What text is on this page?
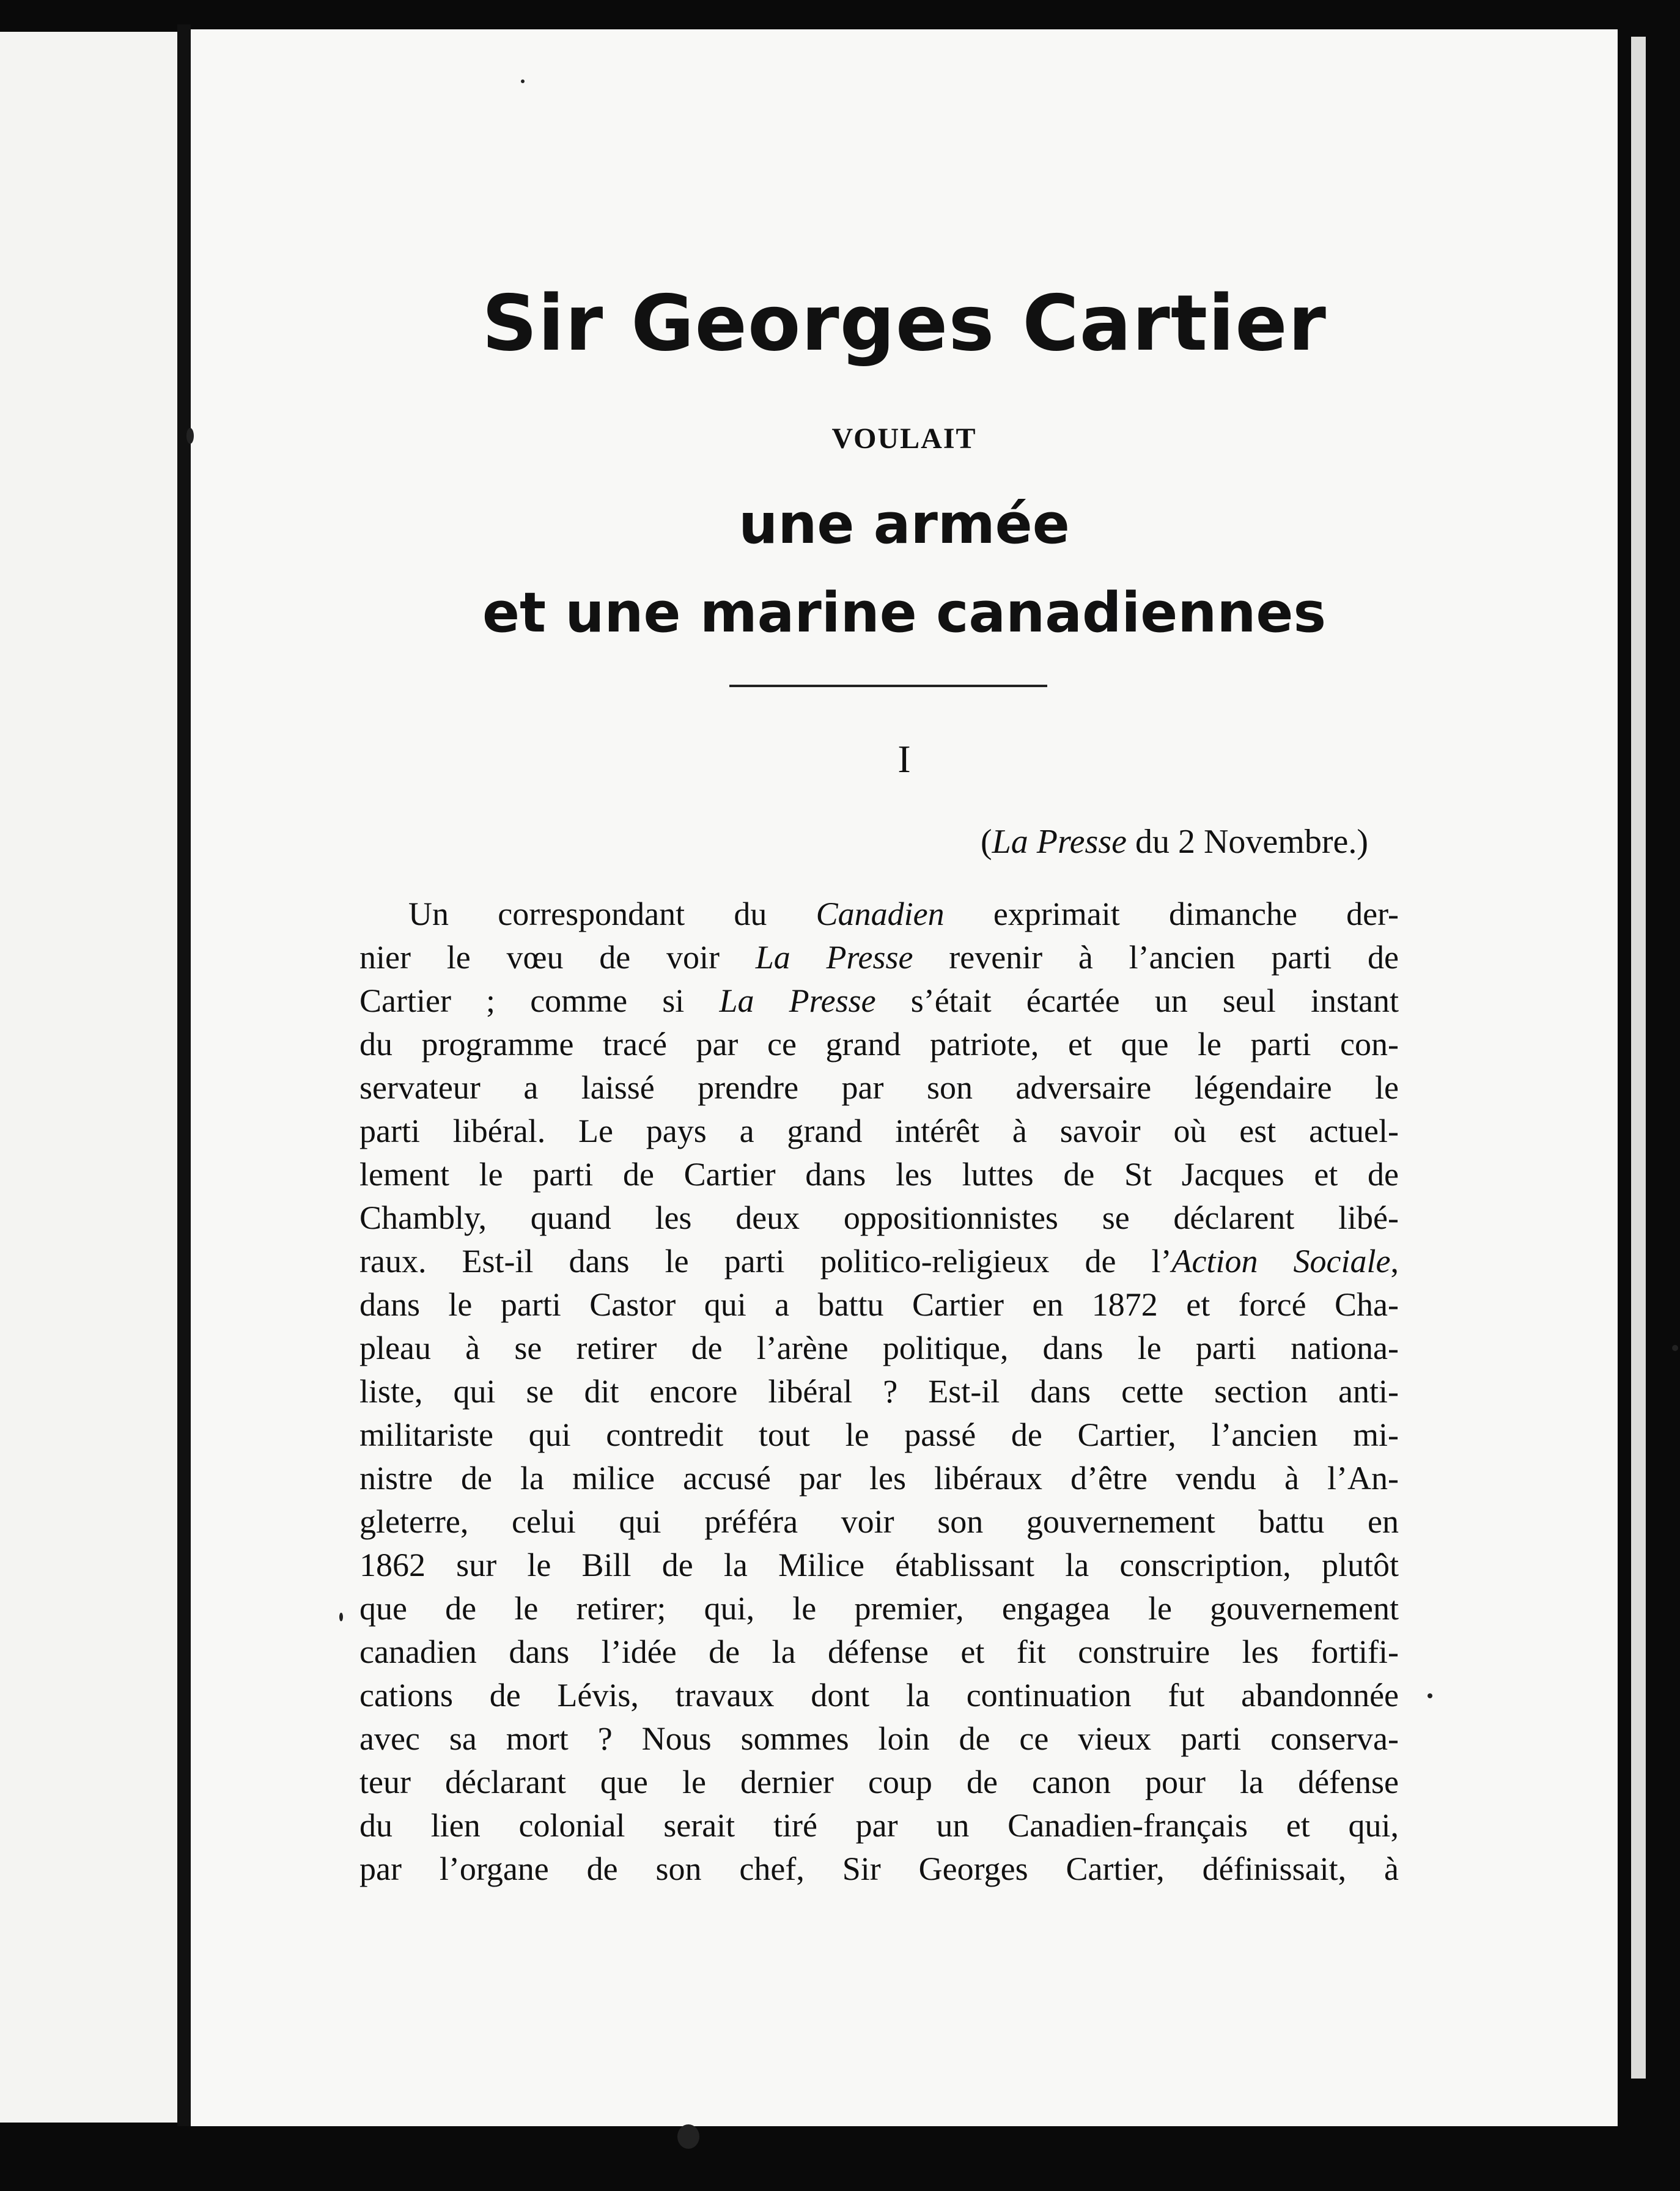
Sir Georges Cartier
VOULAIT
une armée
et une marine canadiennes
I
(La Presse du 2 Novembre.)
Un correspondant du Canadien exprimait dimanche der-
nier le vœu de voir La Presse revenir à l’ancien parti de
Cartier ; comme si La Presse s’était écartée un seul instant
du programme tracé par ce grand patriote, et que le parti con-
servateur a laissé prendre par son adversaire légendaire le
parti libéral. Le pays a grand intérêt à savoir où est actuel-
lement le parti de Cartier dans les luttes de St Jacques et de
Chambly, quand les deux oppositionnistes se déclarent libé-
raux. Est-il dans le parti politico-religieux de l’Action Sociale,
dans le parti Castor qui a battu Cartier en 1872 et forcé Cha-
pleau à se retirer de l’arène politique, dans le parti nationa-
liste, qui se dit encore libéral ? Est-il dans cette section anti-
militariste qui contredit tout le passé de Cartier, l’ancien mi-
nistre de la milice accusé par les libéraux d’être vendu à l’An-
gleterre, celui qui préféra voir son gouvernement battu en
1862 sur le Bill de la Milice établissant la conscription, plutôt
que de le retirer; qui, le premier, engagea le gouvernement
canadien dans l’idée de la défense et fit construire les fortifi-
cations de Lévis, travaux dont la continuation fut abandonnée
avec sa mort ? Nous sommes loin de ce vieux parti conserva-
teur déclarant que le dernier coup de canon pour la défense
du lien colonial serait tiré par un Canadien-français et qui,
par l’organe de son chef, Sir Georges Cartier, définissait, à
